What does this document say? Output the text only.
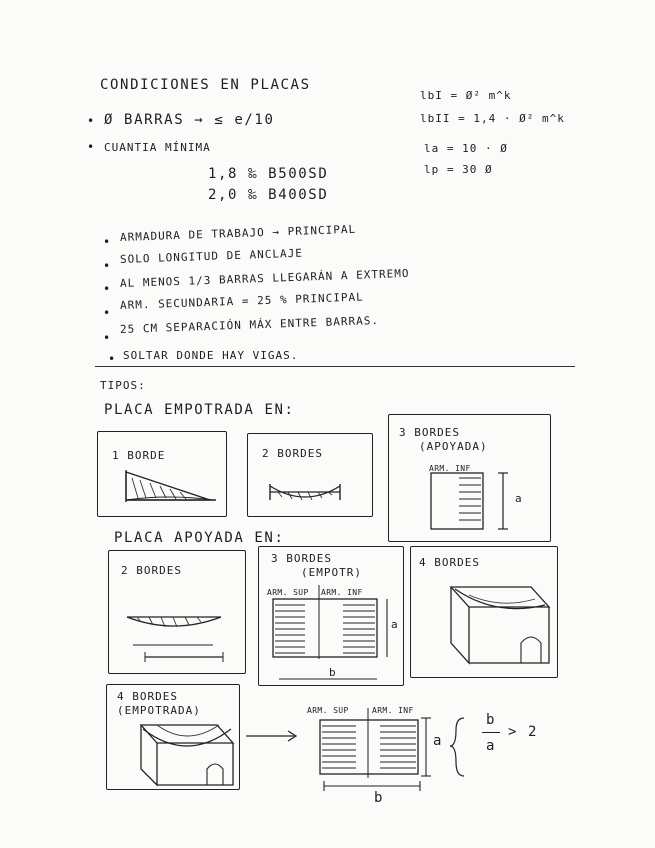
CONDICIONES EN PLACAS
lbI = Ø² m^k
lbII = 1,4 · Ø² m^k
la = 10 · Ø
lp = 30 Ø
• Ø BARRAS → ≤ e/10
• CUANTIA MÍNIMA
1,8 ‰ B500SD
2,0 ‰ B400SD
• ARMADURA DE TRABAJO → PRINCIPAL
•
SOLO LONGITUD DE ANCLAJE
• AL MENOS 1/3 BARRAS LLEGARÁN A EXTREMO
•
ARM. SECUNDARIA = 25 % PRINCIPAL
•
25 CM SEPARACIÓN MÁX ENTRE BARRAS.
• SOLTAR DONDE HAY VIGAS.
TIPOS:
PLACA EMPOTRADA EN:
1 BORDE	2 BORDES
3 BORDES
(APOYADA)
ARM. INF
a
PLACA APOYADA EN:
2 BORDES
3 BORDES
(EMPOTR)
ARM. SUP ARM. INF
a
b
4 BORDES
4 BORDES
(EMPOTRADA)	ARM. SUP	ARM. INF
a
b
b
a
> 2
